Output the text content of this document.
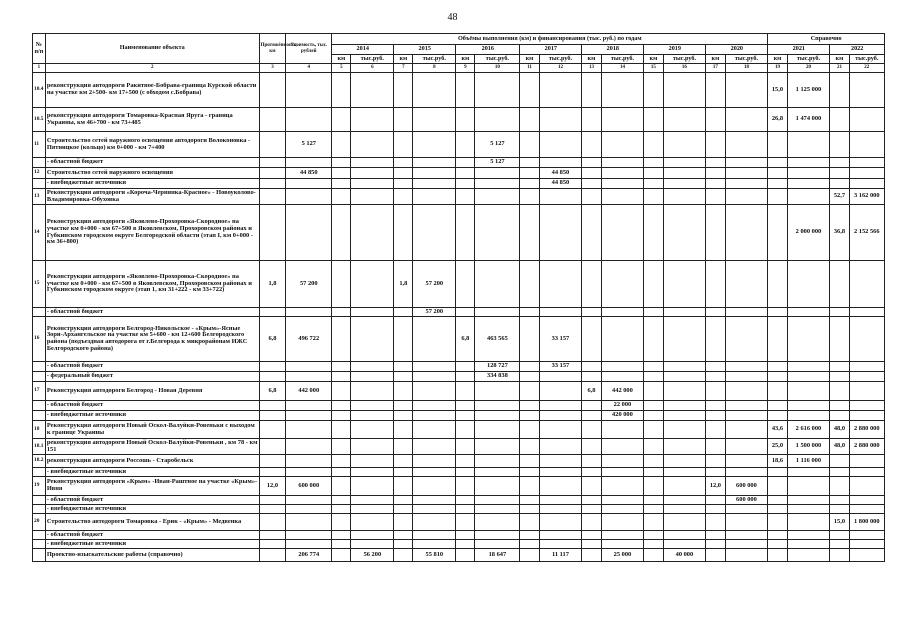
48
№ п/п	Наименование объекта	Протяжённость, км	Стоимость, тыс. рублей	Объёмы выполнения (км) и финансирования (тыс. руб.) по годам														Справочно			
				2014		2015		2016		2017		2018		2019		2020		2021		2022	
				км	тыс.руб.	км	тыс.руб.	км	тыс.руб.	км	тыс.руб.	км	тыс.руб.	км	тыс.руб.	км	тыс.руб.	км	тыс.руб.	км	тыс.руб.
1	2	3	4	5	6	7	8	9	10	11	12	13	14	15	16	17	18	19	20	21	22
10.4	реконструкция автодороги Ракитное-Бобрава-граница Курской области на участке км 2+500- км 17+500 (с обходом с.Бобрава)																	15,0	1 125 000		
10.5	реконструкция автодороги Томаровка-Красная Яруга - граница Украины, км 46+700 - км 73+485																	26,8	1 474 000		
11	Строительство сетей наружного освещения автодороги Волоконовка - Пятницкое (кольцо) км 0+000 - км 7+400		5 127						5 127												
	- областной бюджет								5 127												
12	Строительство сетей наружного освещения		44 850								44 850										
	- внебюджетные источники										44 850										
13	Реконструкция автодороги «Короча-Чернянка-Красное» - Новоуколово-Владимировка-Обуховка																			52,7	3 162 000
14	Реконструкция автодороги «Яковлево-Прохоровка-Скородное» на участке км 0+000 - км 67+500 в Яковлевском, Прохоровском районах и Губкинском городском округе Белгородской области (этап I, км 0+000 - км 36+800)																		2 000 000	36,8	2 152 566
15	Реконструкция автодороги «Яковлево-Прохоровка-Скородное» на участке км 0+000 - км 67+500 в Яковлевском, Прохоровском районах и Губкинском городском округе (этап 1, км 31+222 - км 33+722)	1,8	57 200			1,8	57 200														
	- областной бюджет						57 200														
16	Реконструкция автодороги Белгород-Никольское - «Крым»-Ясные Зори-Архангельское на участке км 5+600 - км 12+600 Белгородского района (подъездная автодорога от г.Белгорода к микрорайонам ИЖС Белгородского района)	6,8	496 722					6,8	463 565		33 157										
	- областной бюджет								128 727		33 157										
	- федеральный бюджет								334 838												
17	Реконструкция автодороги Белгород - Новая Деревня	6,8	442 000									6,8	442 000								
	- областной бюджет												22 000								
	- внебюджетные источники												420 000								
18	Реконструкция автодороги Новый Оскол-Валуйки-Ровеньки с выходом к границе Украины																	43,6	2 616 000	48,0	2 880 000
18.1	реконструкция автодороги Новый Оскол-Валуйки-Ровеньки , км 78 - км 151																	25,0	1 500 000	48,0	2 880 000
18.2	реконструкция автодороги Россошь - Старобельск																	18,6	1 116 000		
	- внебюджетные источники																				
19	Реконструкция автодороги «Крым» -Иван-Раштное на участке «Крым»-Ивня	12,0	600 000													12,0	600 000				
	- областной бюджет																600 000				
	- внебюджетные источники																				
20	Строительство автодороги Томаровка - Ерик - «Крым» - Медвенка																			15,0	1 800 000
	- областной бюджет																				
	- внебюджетные источники																				
	Проектно-изыскательские работы (справочно)		206 774		56 200		55 810		18 647		11 117		25 000		40 000						
